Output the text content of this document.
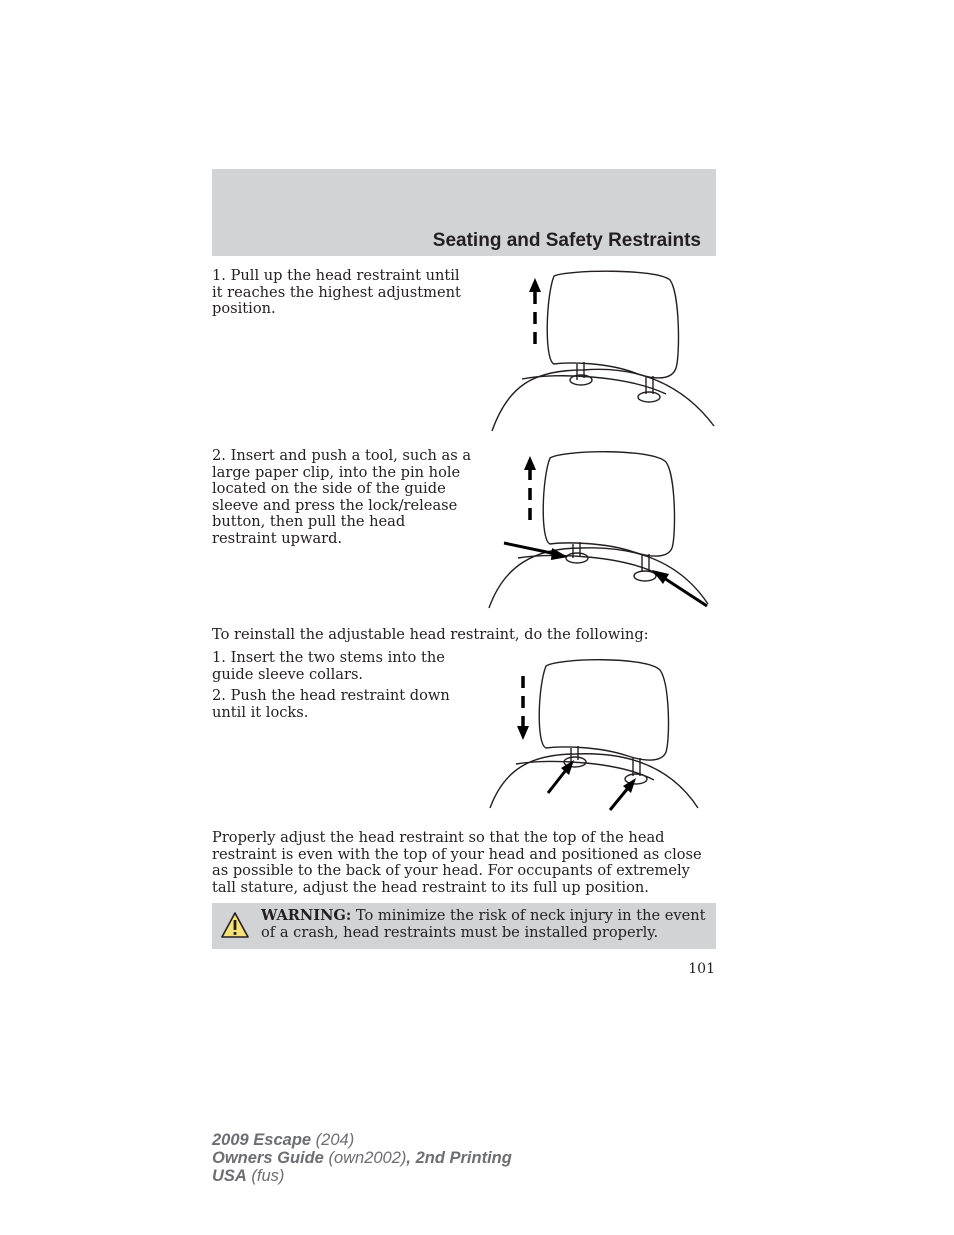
Seating and Safety Restraints

1. Pull up the head restraint until it reaches the highest adjustment position.

2. Insert and push a tool, such as a large paper clip, into the pin hole located on the side of the guide sleeve and press the lock/release button, then pull the head restraint upward.

To reinstall the adjustable head restraint, do the following:

1. Insert the two stems into the guide sleeve collars.

2. Push the head restraint down until it locks.

Properly adjust the head restraint so that the top of the head restraint is even with the top of your head and positioned as close as possible to the back of your head. For occupants of extremely tall stature, adjust the head restraint to its full up position.

WARNING: To minimize the risk of neck injury in the event of a crash, head restraints must be installed properly.
101
2009 Escape (204)
Owners Guide (own2002), 2nd Printing
USA (fus)
